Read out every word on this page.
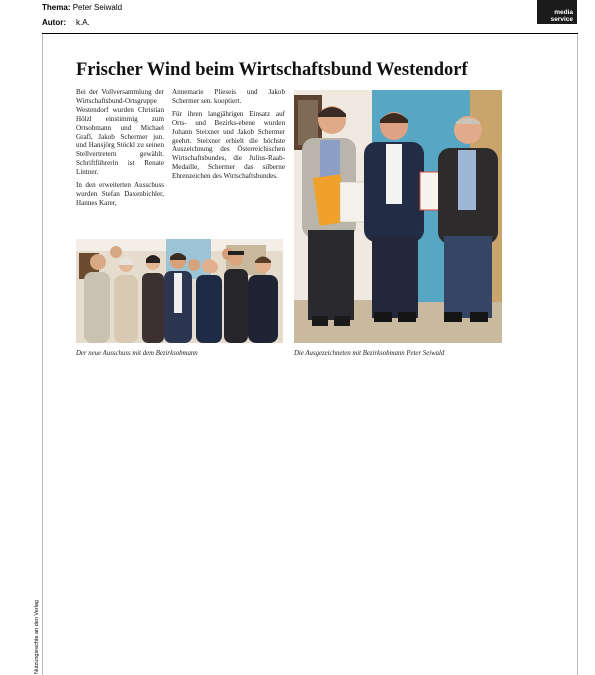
Thema: Peter Seiwald
Autor: k.A.
media
service
Nutzungsrechte an den Verlag
Frischer Wind beim Wirtschaftsbund Westendorf

Bei der Vollversammlung der Wirtschaftsbund-Ortsgruppe Westendorf wurden Christian Hölzl einstimmig zum Ortsobmann und Michael Grafl, Jakob Schermer jun. und Hansjörg Stöckl zu seinen Stellvertretern gewählt. Schriftführerin ist Renate Lintner.

In den erweiterten Ausschuss wurden Stefan Daxenbichler, Hannes Karer,

Annemarie Plieseis und Jakob Schermer sen. kooptiert.

Für ihren langjährigen Einsatz auf Orts- und Bezirks-ebene wurden Johann Steixner und Jakob Schermer geehrt. Steixner erhielt die höchste Auszeichnung des Österreichischen Wirtschaftsbundes, die Julius-Raab-Medaille, Schermer das silberne Ehrenzeichen des Wirtschaftsbundes.

Der neue Ausschuss mit dem Bezirksobmann	Die Ausgezeichneten mit Bezirksobmann Peter Seiwald
